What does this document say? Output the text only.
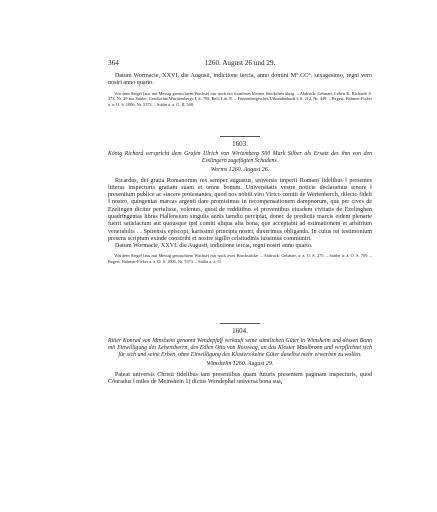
364	1260. August 26 und 29.

Datum Wormacie, XXVI. die Augusti, indictione tercia, anno domini M°.CC°. sexagesimo, regni vero nostri anno quarto.

Von dem Siegel (aus mit Messig gemischtem Wachse) nur noch ein formloses kleines Stückchen übrig. – Abdruck: Gebauer, Leben K. Richards S. 373, Nr. 29 aus Sattler, Geschichte Württembergs I, S. 708, Beil. Litt. E. – Fürstenbergisches Urkundenbuch I, S. 212, Nr. 449. – Regest: Böhmer-Ficker a. a. O. S. 1006, Nr. 5372. – Stälin a. a. O. II, 500.

1603.

König Richard verspricht dem Grafen Ulrich von Wirtemberg 500 Mark Silber als Ersatz des ihm von den Esslingern zugefügten Schadens.

Worms 1260. August 26.

Ricardus, dei gratia Romanorum rex semper augustus, universis imperii Romani fidelibus ‖ presentes litteras inspecturis gratiam suam et omne bonum. Universitatis vestre noticie declaramus tenore ‖ presentium publice ac sincere protestantes, quod nos nobili viro Virico comiti de Wertenberch, dilecto fideli ‖ nostro, quingentas marcas argenti dare promisimus in recompensationem dampnorum, que per cives de Ezelingen dicitur pertulisse, volentes, quod de redditibus et proventibus eiusdem civitatis de Ezelinghen quadringentas libras Hallensium singulis annis tamdiu percipiat, donec de predictis marcis eidem plenarie fuerit satisfactum aut quousque ipsi comiti aliqua alia bona, que acceptabit ad estimationem et arbitrium venerabilis . . Spirensis episcopi, karissimi principis nostri, duxerimus obliganda. In cuius rei testimonium presens scriptum exinde conscribi et nostre sigillo celsitudinis iussimus communiri.

Datum Wormacie, XXVI. die Augusti, indictione tercia, regni nostri anno quarto.

Von dem Siegel (aus mit Messig gemischtem Wachse) nur noch zwei Bruchstücke. – Abdruck: Gebauer, a. a. O. S. 275. – Sattler a. a. O. S. 709. – Regest: Böhmer-Ficker a. a. O. S. 1006, Nr. 5373. – Stälin a. a. O.

1604.

Ritter Konrad von Minsheim genannt Wendepfaff verkauft seine sämtlichen Güter in Wimsheim und dessen Bann mit Einwilligung des Lehensherrn, des Edlen Otto von Rosswag, an das Kloster Maulbronn und verpflichtet sich für sich und seine Erben, ohne Einwilligung des Klosters keine Güter daselbst mehr erwerben zu wollen.

Wimsheim 1260. August 29.

Pateat universis Christi fidelibus tam presentibus quam futuris presentem paginam inspecturis, quod Cŏnradus ‖ miles de Meinshein 1) dictus Wendephaf universa bona sua,
